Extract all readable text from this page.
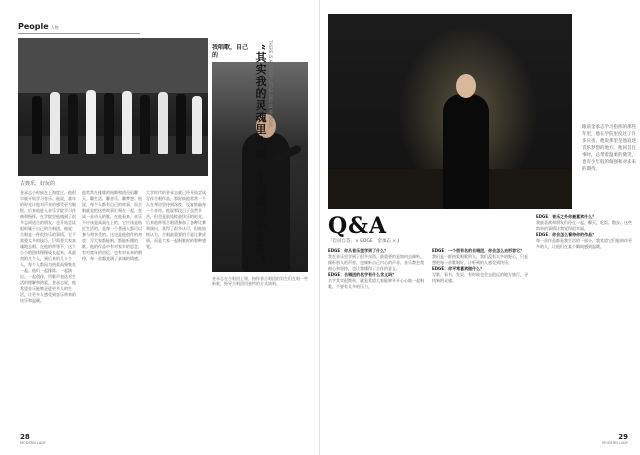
People 人物
古典乐，好玩的
金承志小时候在上海度过，他很早就开始学习音乐。他说，童年的时光让他对声音的感受更为敏锐。后来他进入音乐学院学习作曲和指挥，在学院里他遇到了很多志同道合的朋友，也开始尝试组织属于自己的合唱团。他说：合唱是一件很快乐的事情，它不需要太多的技巧，只需要大家真诚地去唱。在他的带领下，这个小小的团体慢慢成长起来，从最初的几个人，到后来的几十个人，每个人都因为热爱而聚集在一起。他们一起排练、一起演出、一起创作，用歌声表达对生活的理解和热爱。金承志说，他希望音乐能够走进更多人的生活，让更多人感受到音乐带来的快乐和温暖。
他常常在排练的间隙和团员们聊天，聊生活，聊音乐，聊梦想。他说，每个人都有自己的故事，而合唱就是把这些故事汇聚在一起，变成一首动人的歌。在他看来，音乐不应该是高高在上的，它应该是贴近生活的，是每一个普通人都可以参与和享受的。这也是他创作的初衷：写大家都能唱、都能听懂的歌。他的作品中有对家乡的思念，有对童年的回忆，也有对未来的期待，每一首都充满了真诚的情感。
大学时代的金承志就已经开始尝试写作合唱作品，那时候他常常一个人在琴房里待到深夜，反复推敲每一个音符。他说那段日子虽然辛苦，但也是最纯粹最快乐的时光。后来他带领合唱团参加了各种比赛和演出，获得了很多认可，但他始终认为，合唱最重要的不是比赛成绩，而是大家一起唱歌时的那种感觉。
我唱歌，自己的
金承志在合唱团上课，指挥着合唱团的男生们在唱一些新歌，指导合唱团用独特的方式演唱。
“其实我的灵魂里住着一个可爱的小女生” THERE IS A LOVELY LITTLE GIRL IN MY SOUL
28
MODERN LADY
眼前金承志学习指挥的那些年里，他在学院里度过了许多日夜，他说那里是他追逐音乐梦想的地方。他回首往事时，总带着温柔的微笑，也有少年般的倔强和对未来的期待。
Q&A
「自问自答」× EDGE　金承志 × J
EDGE：你从音乐里学到了什么？
我在音乐里学到了很多东西，最重要的是如何去倾听。倾听别人的声音，也倾听自己内心的声音。音乐教会我耐心和坚持，也让我懂得了合作的意义。
EDGE：合唱团的名字有什么含义吗？
名字其实很简单，就是希望大家能够开开心心地一起唱歌，不要有太多的压力。
EDGE：一个很有名的合唱团，你会怎么去形容它？
我们是一群热爱唱歌的人，我们没有太多的野心，只是想把每一首歌唱好，让听到的人感受到快乐。
EDGE：你平常喜欢做什么？
写歌、看书、发呆，有时候也会去很远的地方旅行，寻找新的灵感。
EDGE：音乐之外你最喜欢什么？
我最喜欢和朋友们待在一起，聊天、吃饭、散步，这些简单的事情让我觉得很幸福。
EDGE：你会怎么看待你的作品？
每一首作品都是我生活的一部分，我希望它们能陪伴更多的人，让他们在某个瞬间感到温暖。
29
MODERN LADY
